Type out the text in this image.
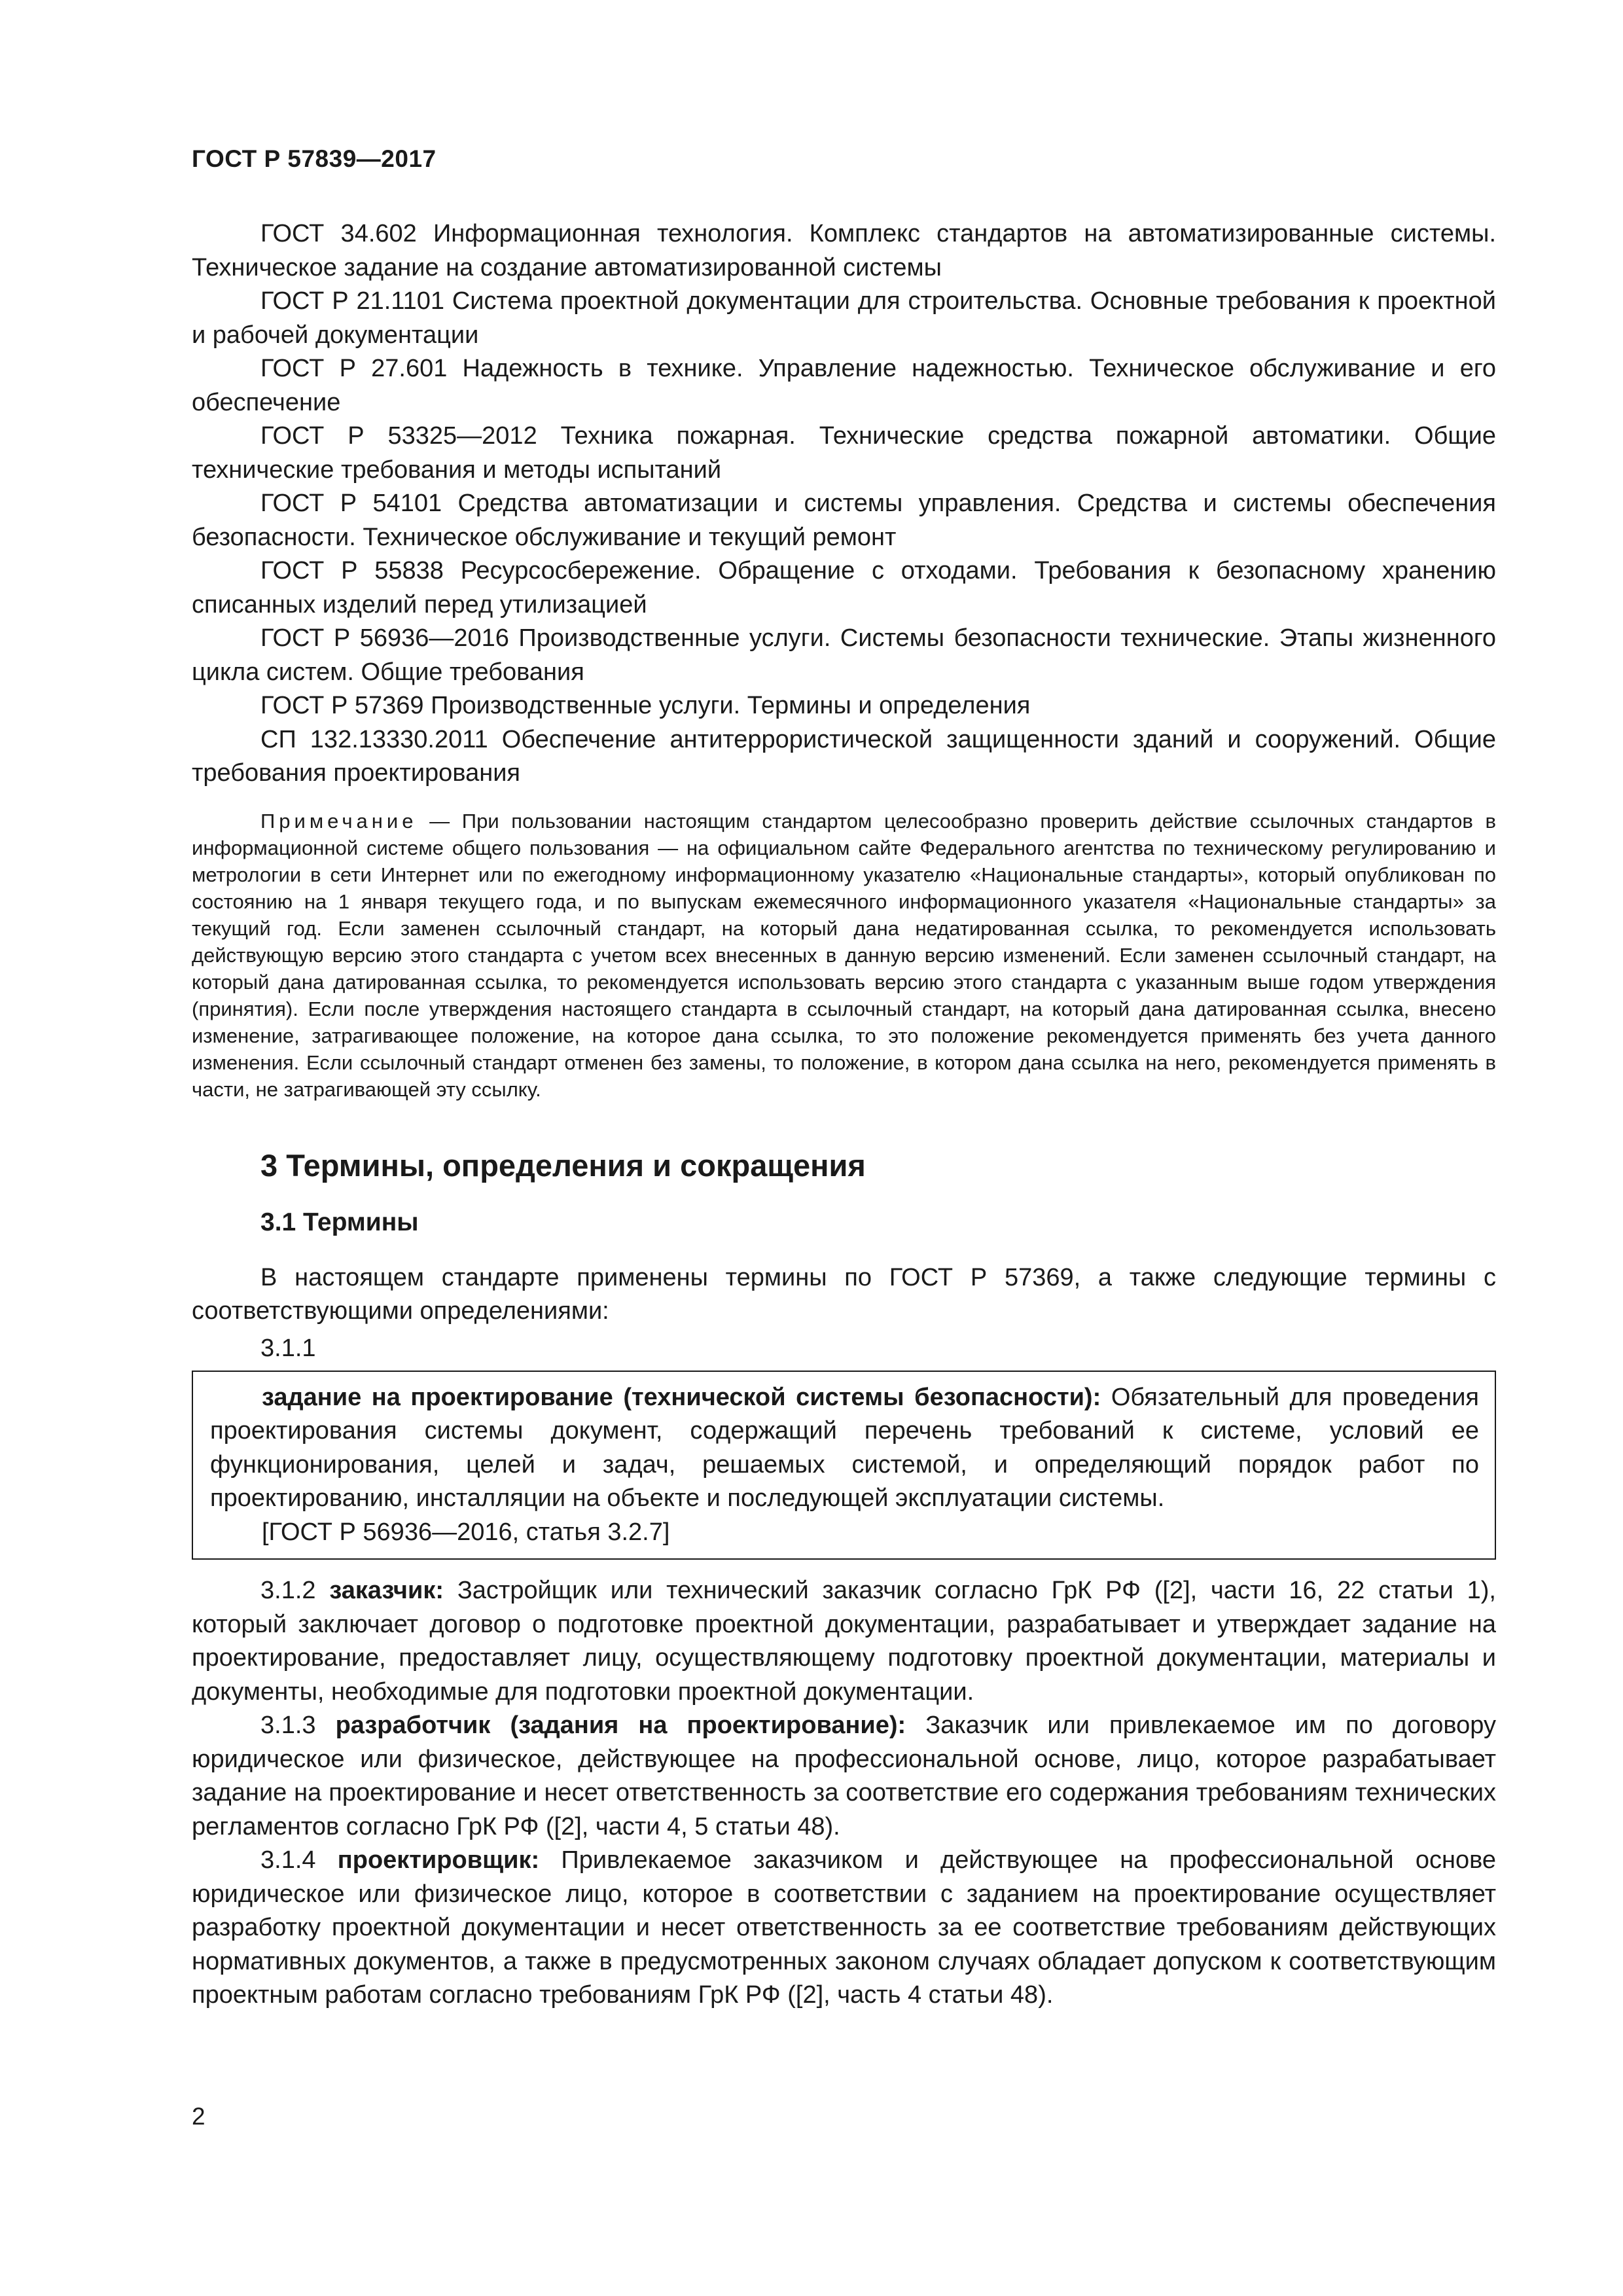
ГОСТ Р 57839—2017

ГОСТ 34.602 Информационная технология. Комплекс стандартов на автоматизированные системы. Техническое задание на создание автоматизированной системы

ГОСТ Р 21.1101 Система проектной документации для строительства. Основные требования к проектной и рабочей документации

ГОСТ Р 27.601 Надежность в технике. Управление надежностью. Техническое обслуживание и его обеспечение

ГОСТ Р 53325—2012 Техника пожарная. Технические средства пожарной автоматики. Общие технические требования и методы испытаний

ГОСТ Р 54101 Средства автоматизации и системы управления. Средства и системы обеспечения безопасности. Техническое обслуживание и текущий ремонт

ГОСТ Р 55838 Ресурсосбережение. Обращение с отходами. Требования к безопасному хранению списанных изделий перед утилизацией

ГОСТ Р 56936—2016 Производственные услуги. Системы безопасности технические. Этапы жизненного цикла систем. Общие требования

ГОСТ Р 57369 Производственные услуги. Термины и определения

СП 132.13330.2011 Обеспечение антитеррористической защищенности зданий и сооружений. Общие требования проектирования

Примечание — При пользовании настоящим стандартом целесообразно проверить действие ссылочных стандартов в информационной системе общего пользования — на официальном сайте Федерального агентства по техническому регулированию и метрологии в сети Интернет или по ежегодному информационному указателю «Национальные стандарты», который опубликован по состоянию на 1 января текущего года, и по выпускам ежемесячного информационного указателя «Национальные стандарты» за текущий год. Если заменен ссылочный стандарт, на который дана недатированная ссылка, то рекомендуется использовать действующую версию этого стандарта с учетом всех внесенных в данную версию изменений. Если заменен ссылочный стандарт, на который дана датированная ссылка, то рекомендуется использовать версию этого стандарта с указанным выше годом утверждения (принятия). Если после утверждения настоящего стандарта в ссылочный стандарт, на который дана датированная ссылка, внесено изменение, затрагивающее положение, на которое дана ссылка, то это положение рекомендуется применять без учета данного изменения. Если ссылочный стандарт отменен без замены, то положение, в котором дана ссылка на него, рекомендуется применять в части, не затрагивающей эту ссылку.

3 Термины, определения и сокращения
3.1 Термины

В настоящем стандарте применены термины по ГОСТ Р 57369, а также следующие термины с соответствующими определениями:

3.1.1

задание на проектирование (технической системы безопасности): Обязательный для проведения проектирования системы документ, содержащий перечень требований к системе, условий ее функционирования, целей и задач, решаемых системой, и определяющий порядок работ по проектированию, инсталляции на объекте и последующей эксплуатации системы.

[ГОСТ Р 56936—2016, статья 3.2.7]

3.1.2 заказчик: Застройщик или технический заказчик согласно ГрК РФ ([2], части 16, 22 статьи 1), который заключает договор о подготовке проектной документации, разрабатывает и утверждает задание на проектирование, предоставляет лицу, осуществляющему подготовку проектной документации, материалы и документы, необходимые для подготовки проектной документации.

3.1.3 разработчик (задания на проектирование): Заказчик или привлекаемое им по договору юридическое или физическое, действующее на профессиональной основе, лицо, которое разрабатывает задание на проектирование и несет ответственность за соответствие его содержания требованиям технических регламентов согласно ГрК РФ ([2], части 4, 5 статьи 48).

3.1.4 проектировщик: Привлекаемое заказчиком и действующее на профессиональной основе юридическое или физическое лицо, которое в соответствии с заданием на проектирование осуществляет разработку проектной документации и несет ответственность за ее соответствие требованиям действующих нормативных документов, а также в предусмотренных законом случаях обладает допуском к соответствующим проектным работам согласно требованиям ГрК РФ ([2], часть 4 статьи 48).

2
